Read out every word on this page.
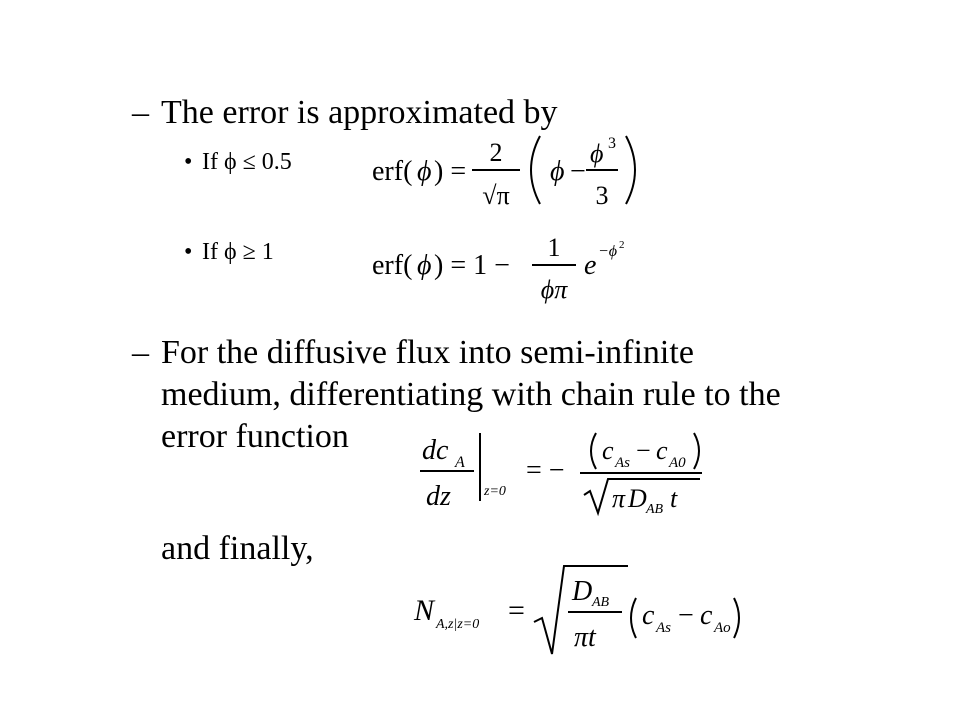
– The error is approximated by
• If ϕ ≤ 0.5	erf( ϕ ) =
2
√π
ϕ −
ϕ 3
3
• If ϕ ≥ 1	erf( ϕ ) = 1 −
1
ϕπ
e −ϕ 2
– For the diffusive flux into semi-infinite
medium, differentiating with chain rule to the
error function	dc A
dz z=0
= −
c As − c A0
π D AB t
and finally,
N A,z|z=0 =
D AB
πt
c As − c Ao
